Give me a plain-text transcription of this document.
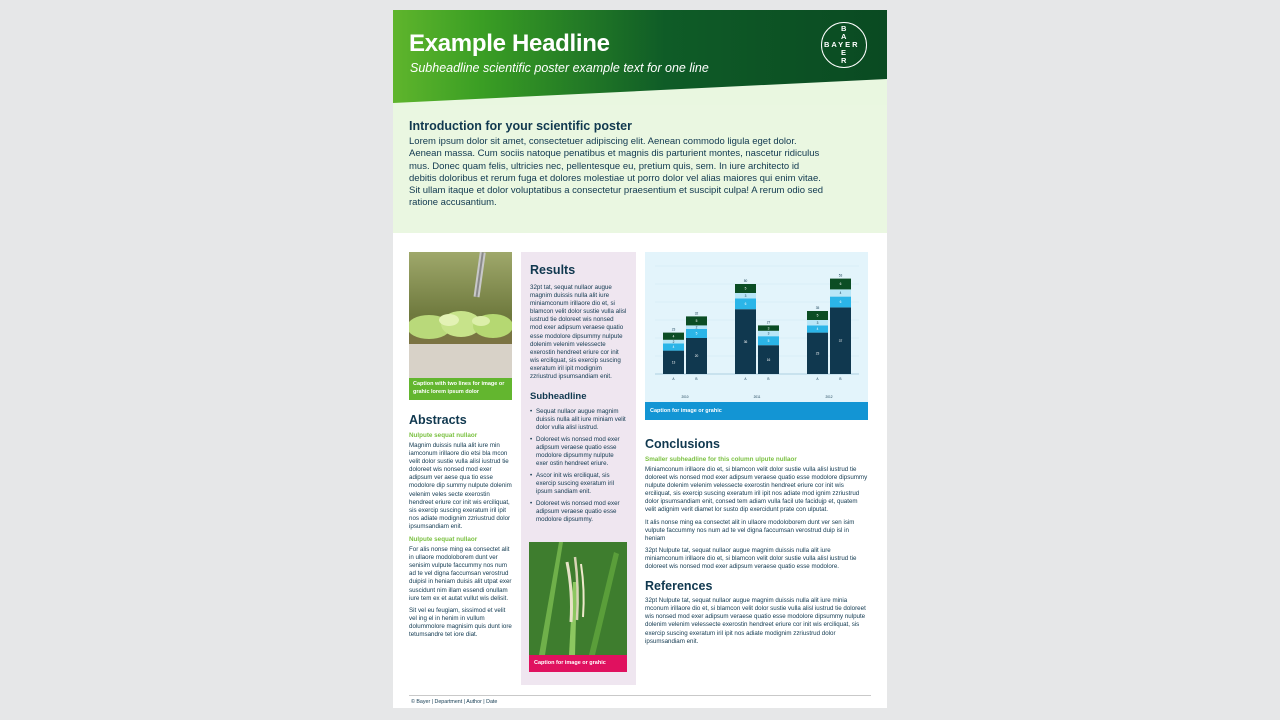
Example Headline
Subheadline scientific poster example text for one line
B
A
BAYER
E
R
Introduction for your scientific poster
Lorem ipsum dolor sit amet, consectetuer adipiscing elit. Aenean commodo ligula eget dolor. Aenean massa. Cum sociis natoque penatibus et magnis dis parturient montes, nascetur ridiculus mus. Donec quam felis, ultricies nec, pellentesque eu, pretium quis, sem. In iure architecto id debitis doloribus et rerum fuga et dolores molestiae ut porro dolor vel alias maiores qui enim vitae. Sit ullam itaque et dolor voluptatibus a consectetur praesentium et suscipit culpa! A rerum odio sed ratione accusantium.
Caption with two lines for image or grahic lorem ipsum dolor

Abstracts

Nulpute sequat nullaor

Magnim duissis nulla alit iure min iamconum irillaore dio etsi bla mcon velit dolor sustie vulla alisl iustrud tie doloreet wis nonsed mod exer adipsum ver aese qua tio esse modolore dip summy nulpute dolenim velenim veles secte exerostin hendreet eriure cor init wis erciliquat, sis exercip suscing exeratum iril ipit nos adiate modignim zzriustrud dolor ipsumsandiam enit.

Nulpute sequat nullaor

For alis nonse ming ea consectet alit in ullaore modoloborem dunt ver senisim vulpute faccummy nos num ad te vel digna faccumsan verostrud duipisl in heniam duisis alit utpat exer suscidunt nim illam essendi onullam iure tem ex et autat vullut wis delisit.

Sit vel eu feugiam, sissimod et velit vel ing el in henim in vullum dolummolore magnisim quis dunt iore tetumsandre tet iore diat.

Results

32pt tat, sequat nullaor augue magnim duissis nulla alit iure miniamconum irillaore dio et, si blamcon velit dolor sustie vulla alisl iustrud tie doloreet wis nonsed mod exer adipsum veraese quatio esse modolore dipsummy nulpute dolenim velenim velessecte exerostin hendreet eriure cor init wis erciliquat, sis exercip suscing exeratum iril ipit modignim zzriustrud ipsumsandiam enit.

Subheadline

• Sequat nullaor augue magnim duissis nulla alit iure miniam velit dolor vulla alisl iustrud.

• Doloreet wis nonsed mod exer adipsum veraese quatio esse modolore dipsummy nulpute exer ostin hendreet eriure.

• Ascor init wis erciliquat, sis exercip suscing exeratum iril ipsum sandiam enit.

• Doloreet wis nonsed mod exer adipsum veraese quatio esse modolore dipsummy.

Caption for image or grahic
13
4
2
4
23
A
20
5
2
5
32
B
36
6
3
5
50
A
16
5
3
3
27
B
23
4
3
5
35
A
37
6
4
6
53
B
2010	2011	2012
Caption for image or grahic

Conclusions

Smaller subheadline for this column ulpute nullaor

Miniamconum irillaore dio et, si blamcon velit dolor sustie vulla alisl iustrud tie doloreet wis nonsed mod exer adipsum veraese quatio esse modolore dipsummy nulpute dolenim velenim velessecte exerostin hendreet eriure cor init wis erciliquat, sis exercip suscing exeratum iril ipit nos adiate mod ignim zzriustrud dolor ipsumsandiam enit, consed tem adiam vulla facil ute facidujp et, quatem velit adignim verit diamet lor susto dip exercidunt prate con ulputat.

It alis nonse ming ea consectet alit in ullaore modoloborem dunt ver sen isim vulpute faccummy nos num ad te vel digna faccumsan verostrud duip isl in heniam

32pt Nulpute tat, sequat nullaor augue magnim duissis nulla alit iure miniamconum irillaore dio et, si blamcon velit dolor sustie vulla alisl iustrud tie doloreet wis nonsed mod exer adipsum veraese quatio esse modolore.

References

32pt Nulpute tat, sequat nullaor augue magnim duissis nulla alit iure minia mconum irillaore dio et, si blamcon velit dolor sustie vulla alisl iustrud tie doloreet wis nonsed mod exer adipsum veraese quatio esse modolore dipsummy nulpute dolenim velenim velessecte exerostin hendreet eriure cor init wis erciliquat, sis exercip suscing exeratum iril ipit nos adiate modignim zzriustrud dolor ipsumsandiam enit.

© Bayer | Department | Author | Date
